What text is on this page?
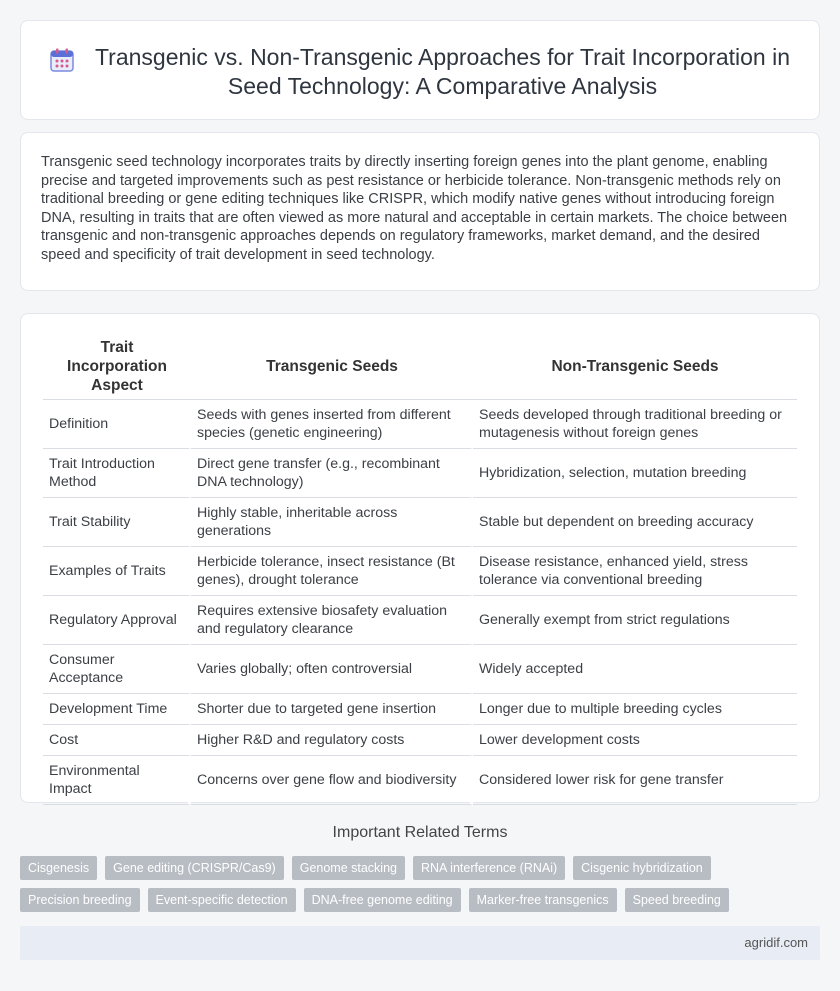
Transgenic vs. Non-Transgenic Approaches for Trait Incorporation in Seed Technology: A Comparative Analysis

Transgenic seed technology incorporates traits by directly inserting foreign genes into the plant genome, enabling precise and targeted improvements such as pest resistance or herbicide tolerance. Non-transgenic methods rely on traditional breeding or gene editing techniques like CRISPR, which modify native genes without introducing foreign DNA, resulting in traits that are often viewed as more natural and acceptable in certain markets. The choice between transgenic and non-transgenic approaches depends on regulatory frameworks, market demand, and the desired speed and specificity of trait development in seed technology.

Trait Incorporation Aspect	Transgenic Seeds	Non-Transgenic Seeds
Definition	Seeds with genes inserted from different species (genetic engineering)	Seeds developed through traditional breeding or mutagenesis without foreign genes
Trait Introduction Method	Direct gene transfer (e.g., recombinant DNA technology)	Hybridization, selection, mutation breeding
Trait Stability	Highly stable, inheritable across generations	Stable but dependent on breeding accuracy
Examples of Traits	Herbicide tolerance, insect resistance (Bt genes), drought tolerance	Disease resistance, enhanced yield, stress tolerance via conventional breeding
Regulatory Approval	Requires extensive biosafety evaluation and regulatory clearance	Generally exempt from strict regulations
Consumer Acceptance	Varies globally; often controversial	Widely accepted
Development Time	Shorter due to targeted gene insertion	Longer due to multiple breeding cycles
Cost	Higher R&D and regulatory costs	Lower development costs
Environmental Impact	Concerns over gene flow and biodiversity	Considered lower risk for gene transfer
Important Related Terms
Cisgenesis	Gene editing (CRISPR/Cas9)	Genome stacking	RNA interference (RNAi)	Cisgenic hybridization
Precision breeding	Event-specific detection	DNA-free genome editing	Marker-free transgenics	Speed breeding
agridif.com
